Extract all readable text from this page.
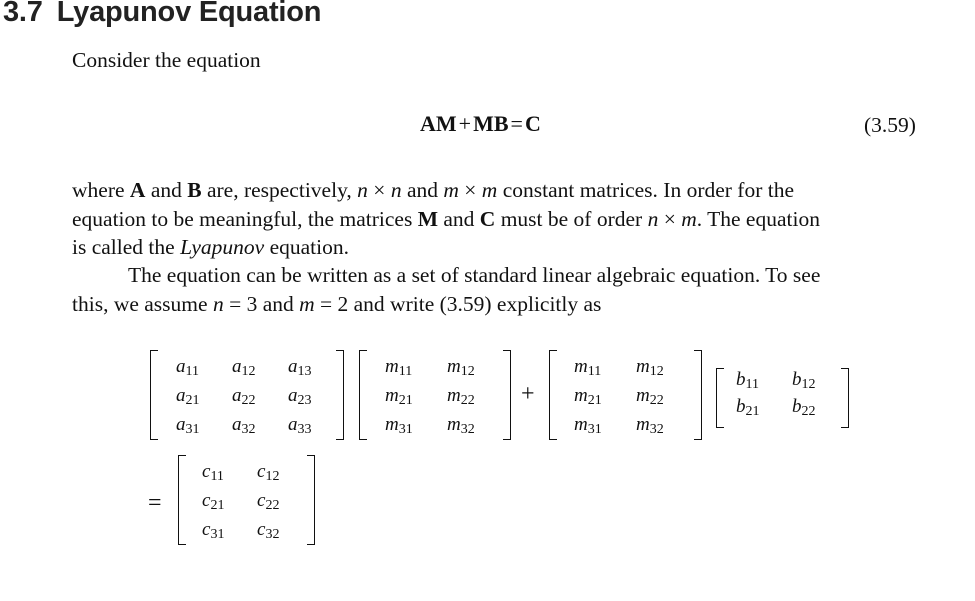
3.7 Lyapunov Equation
Consider the equation
AM+MB=C	(3.59)
where A and B are, respectively, n × n and m × m constant matrices. In order for the
equation to be meaningful, the matrices M and C must be of order n × m. The equation
is called the Lyapunov equation.
The equation can be written as a set of standard linear algebraic equation. To see
this, we assume n = 3 and m = 2 and write (3.59) explicitly as
$a_{11}$ $a_{12}$ $a_{13}$
$a_{21}$ $a_{22}$ $a_{23}$
$a_{31}$ $a_{32}$ $a_{33}$
$m_{11}$ $m_{12}$
$m_{21}$ $m_{22}$
$m_{31}$ $m_{32}$
+
$m_{11}$ $m_{12}$
$m_{21}$ $m_{22}$
$m_{31}$ $m_{32}$
$b_{11}$ $b_{12}$
$b_{21}$ $b_{22}$
=
$c_{11}$ $c_{12}$
$c_{21}$ $c_{22}$
$c_{31}$ $c_{32}$
